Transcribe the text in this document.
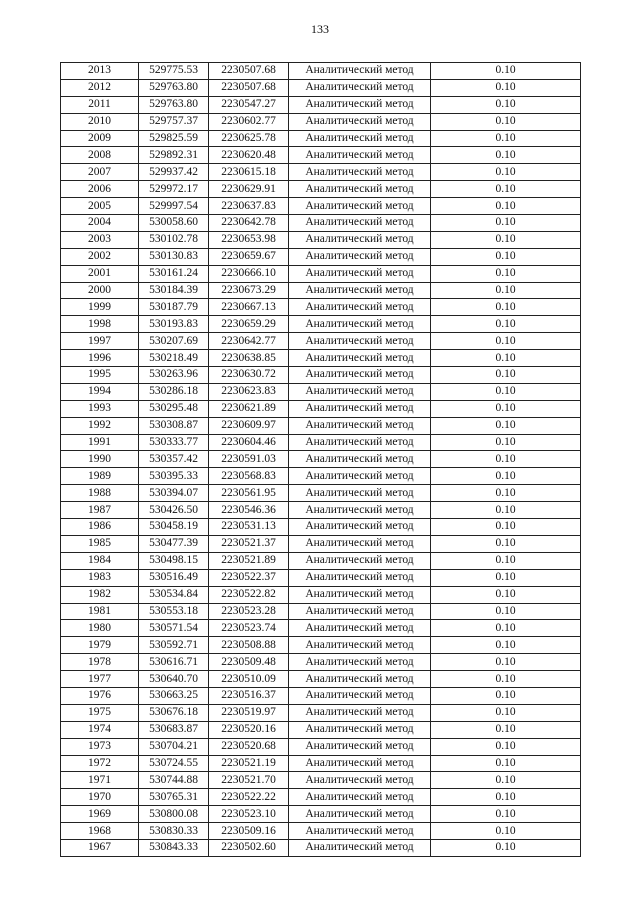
133
2013	529775.53	2230507.68	Аналитический метод	0.10
2012	529763.80	2230507.68	Аналитический метод	0.10
2011	529763.80	2230547.27	Аналитический метод	0.10
2010	529757.37	2230602.77	Аналитический метод	0.10
2009	529825.59	2230625.78	Аналитический метод	0.10
2008	529892.31	2230620.48	Аналитический метод	0.10
2007	529937.42	2230615.18	Аналитический метод	0.10
2006	529972.17	2230629.91	Аналитический метод	0.10
2005	529997.54	2230637.83	Аналитический метод	0.10
2004	530058.60	2230642.78	Аналитический метод	0.10
2003	530102.78	2230653.98	Аналитический метод	0.10
2002	530130.83	2230659.67	Аналитический метод	0.10
2001	530161.24	2230666.10	Аналитический метод	0.10
2000	530184.39	2230673.29	Аналитический метод	0.10
1999	530187.79	2230667.13	Аналитический метод	0.10
1998	530193.83	2230659.29	Аналитический метод	0.10
1997	530207.69	2230642.77	Аналитический метод	0.10
1996	530218.49	2230638.85	Аналитический метод	0.10
1995	530263.96	2230630.72	Аналитический метод	0.10
1994	530286.18	2230623.83	Аналитический метод	0.10
1993	530295.48	2230621.89	Аналитический метод	0.10
1992	530308.87	2230609.97	Аналитический метод	0.10
1991	530333.77	2230604.46	Аналитический метод	0.10
1990	530357.42	2230591.03	Аналитический метод	0.10
1989	530395.33	2230568.83	Аналитический метод	0.10
1988	530394.07	2230561.95	Аналитический метод	0.10
1987	530426.50	2230546.36	Аналитический метод	0.10
1986	530458.19	2230531.13	Аналитический метод	0.10
1985	530477.39	2230521.37	Аналитический метод	0.10
1984	530498.15	2230521.89	Аналитический метод	0.10
1983	530516.49	2230522.37	Аналитический метод	0.10
1982	530534.84	2230522.82	Аналитический метод	0.10
1981	530553.18	2230523.28	Аналитический метод	0.10
1980	530571.54	2230523.74	Аналитический метод	0.10
1979	530592.71	2230508.88	Аналитический метод	0.10
1978	530616.71	2230509.48	Аналитический метод	0.10
1977	530640.70	2230510.09	Аналитический метод	0.10
1976	530663.25	2230516.37	Аналитический метод	0.10
1975	530676.18	2230519.97	Аналитический метод	0.10
1974	530683.87	2230520.16	Аналитический метод	0.10
1973	530704.21	2230520.68	Аналитический метод	0.10
1972	530724.55	2230521.19	Аналитический метод	0.10
1971	530744.88	2230521.70	Аналитический метод	0.10
1970	530765.31	2230522.22	Аналитический метод	0.10
1969	530800.08	2230523.10	Аналитический метод	0.10
1968	530830.33	2230509.16	Аналитический метод	0.10
1967	530843.33	2230502.60	Аналитический метод	0.10
